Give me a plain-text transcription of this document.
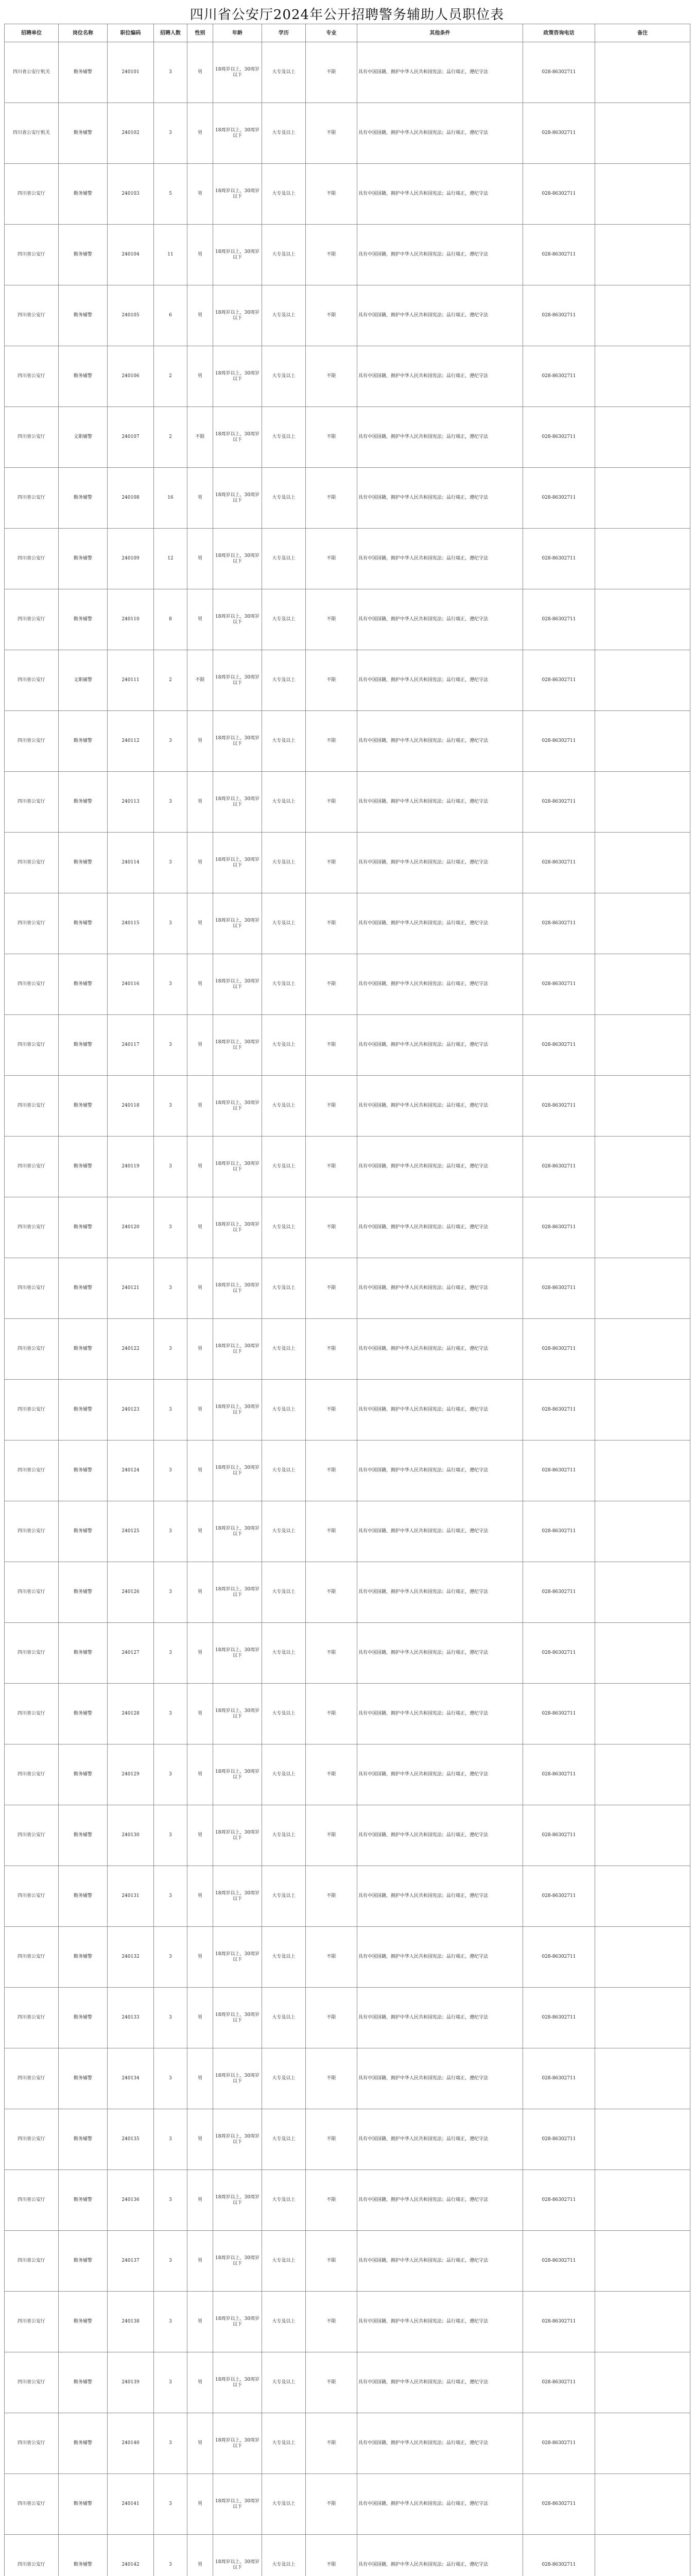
四川省公安厅2024年公开招聘警务辅助人员职位表
招聘单位	岗位名称	职位编码	招聘人数	性别	年龄	学历	专业	其他条件	政策咨询电话	备注
四川省公安厅机关	勤务辅警	240101	3	男	18周岁以上，30周岁以下	大专及以上	不限	具有中国国籍，拥护中华人民共和国宪法；品行端正，遵纪守法	028-86302711	
四川省公安厅机关	勤务辅警	240102	3	男	18周岁以上，30周岁以下	大专及以上	不限	具有中国国籍，拥护中华人民共和国宪法；品行端正，遵纪守法	028-86302711	
四川省公安厅	勤务辅警	240103	5	男	18周岁以上，30周岁以下	大专及以上	不限	具有中国国籍，拥护中华人民共和国宪法；品行端正，遵纪守法	028-86302711	
四川省公安厅	勤务辅警	240104	11	男	18周岁以上，30周岁以下	大专及以上	不限	具有中国国籍，拥护中华人民共和国宪法；品行端正，遵纪守法	028-86302711	
四川省公安厅	勤务辅警	240105	6	男	18周岁以上，30周岁以下	大专及以上	不限	具有中国国籍，拥护中华人民共和国宪法；品行端正，遵纪守法	028-86302711	
四川省公安厅	勤务辅警	240106	2	男	18周岁以上，30周岁以下	大专及以上	不限	具有中国国籍，拥护中华人民共和国宪法；品行端正，遵纪守法	028-86302711	
四川省公安厅	文职辅警	240107	2	不限	18周岁以上，30周岁以下	大专及以上	不限	具有中国国籍，拥护中华人民共和国宪法；品行端正，遵纪守法	028-86302711	
四川省公安厅	勤务辅警	240108	16	男	18周岁以上，30周岁以下	大专及以上	不限	具有中国国籍，拥护中华人民共和国宪法；品行端正，遵纪守法	028-86302711	
四川省公安厅	勤务辅警	240109	12	男	18周岁以上，30周岁以下	大专及以上	不限	具有中国国籍，拥护中华人民共和国宪法；品行端正，遵纪守法	028-86302711	
四川省公安厅	勤务辅警	240110	8	男	18周岁以上，30周岁以下	大专及以上	不限	具有中国国籍，拥护中华人民共和国宪法；品行端正，遵纪守法	028-86302711	
四川省公安厅	文职辅警	240111	2	不限	18周岁以上，30周岁以下	大专及以上	不限	具有中国国籍，拥护中华人民共和国宪法；品行端正，遵纪守法	028-86302711	
四川省公安厅	勤务辅警	240112	3	男	18周岁以上，30周岁以下	大专及以上	不限	具有中国国籍，拥护中华人民共和国宪法；品行端正，遵纪守法	028-86302711	
四川省公安厅	勤务辅警	240113	3	男	18周岁以上，30周岁以下	大专及以上	不限	具有中国国籍，拥护中华人民共和国宪法；品行端正，遵纪守法	028-86302711	
四川省公安厅	勤务辅警	240114	3	男	18周岁以上，30周岁以下	大专及以上	不限	具有中国国籍，拥护中华人民共和国宪法；品行端正，遵纪守法	028-86302711	
四川省公安厅	勤务辅警	240115	3	男	18周岁以上，30周岁以下	大专及以上	不限	具有中国国籍，拥护中华人民共和国宪法；品行端正，遵纪守法	028-86302711	
四川省公安厅	勤务辅警	240116	3	男	18周岁以上，30周岁以下	大专及以上	不限	具有中国国籍，拥护中华人民共和国宪法；品行端正，遵纪守法	028-86302711	
四川省公安厅	勤务辅警	240117	3	男	18周岁以上，30周岁以下	大专及以上	不限	具有中国国籍，拥护中华人民共和国宪法；品行端正，遵纪守法	028-86302711	
四川省公安厅	勤务辅警	240118	3	男	18周岁以上，30周岁以下	大专及以上	不限	具有中国国籍，拥护中华人民共和国宪法；品行端正，遵纪守法	028-86302711	
四川省公安厅	勤务辅警	240119	3	男	18周岁以上，30周岁以下	大专及以上	不限	具有中国国籍，拥护中华人民共和国宪法；品行端正，遵纪守法	028-86302711	
四川省公安厅	勤务辅警	240120	3	男	18周岁以上，30周岁以下	大专及以上	不限	具有中国国籍，拥护中华人民共和国宪法；品行端正，遵纪守法	028-86302711	
四川省公安厅	勤务辅警	240121	3	男	18周岁以上，30周岁以下	大专及以上	不限	具有中国国籍，拥护中华人民共和国宪法；品行端正，遵纪守法	028-86302711	
四川省公安厅	勤务辅警	240122	3	男	18周岁以上，30周岁以下	大专及以上	不限	具有中国国籍，拥护中华人民共和国宪法；品行端正，遵纪守法	028-86302711	
四川省公安厅	勤务辅警	240123	3	男	18周岁以上，30周岁以下	大专及以上	不限	具有中国国籍，拥护中华人民共和国宪法；品行端正，遵纪守法	028-86302711	
四川省公安厅	勤务辅警	240124	3	男	18周岁以上，30周岁以下	大专及以上	不限	具有中国国籍，拥护中华人民共和国宪法；品行端正，遵纪守法	028-86302711	
四川省公安厅	勤务辅警	240125	3	男	18周岁以上，30周岁以下	大专及以上	不限	具有中国国籍，拥护中华人民共和国宪法；品行端正，遵纪守法	028-86302711	
四川省公安厅	勤务辅警	240126	3	男	18周岁以上，30周岁以下	大专及以上	不限	具有中国国籍，拥护中华人民共和国宪法；品行端正，遵纪守法	028-86302711	
四川省公安厅	勤务辅警	240127	3	男	18周岁以上，30周岁以下	大专及以上	不限	具有中国国籍，拥护中华人民共和国宪法；品行端正，遵纪守法	028-86302711	
四川省公安厅	勤务辅警	240128	3	男	18周岁以上，30周岁以下	大专及以上	不限	具有中国国籍，拥护中华人民共和国宪法；品行端正，遵纪守法	028-86302711	
四川省公安厅	勤务辅警	240129	3	男	18周岁以上，30周岁以下	大专及以上	不限	具有中国国籍，拥护中华人民共和国宪法；品行端正，遵纪守法	028-86302711	
四川省公安厅	勤务辅警	240130	3	男	18周岁以上，30周岁以下	大专及以上	不限	具有中国国籍，拥护中华人民共和国宪法；品行端正，遵纪守法	028-86302711	
四川省公安厅	勤务辅警	240131	3	男	18周岁以上，30周岁以下	大专及以上	不限	具有中国国籍，拥护中华人民共和国宪法；品行端正，遵纪守法	028-86302711	
四川省公安厅	勤务辅警	240132	3	男	18周岁以上，30周岁以下	大专及以上	不限	具有中国国籍，拥护中华人民共和国宪法；品行端正，遵纪守法	028-86302711	
四川省公安厅	勤务辅警	240133	3	男	18周岁以上，30周岁以下	大专及以上	不限	具有中国国籍，拥护中华人民共和国宪法；品行端正，遵纪守法	028-86302711	
四川省公安厅	勤务辅警	240134	3	男	18周岁以上，30周岁以下	大专及以上	不限	具有中国国籍，拥护中华人民共和国宪法；品行端正，遵纪守法	028-86302711	
四川省公安厅	勤务辅警	240135	3	男	18周岁以上，30周岁以下	大专及以上	不限	具有中国国籍，拥护中华人民共和国宪法；品行端正，遵纪守法	028-86302711	
四川省公安厅	勤务辅警	240136	3	男	18周岁以上，30周岁以下	大专及以上	不限	具有中国国籍，拥护中华人民共和国宪法；品行端正，遵纪守法	028-86302711	
四川省公安厅	勤务辅警	240137	3	男	18周岁以上，30周岁以下	大专及以上	不限	具有中国国籍，拥护中华人民共和国宪法；品行端正，遵纪守法	028-86302711	
四川省公安厅	勤务辅警	240138	3	男	18周岁以上，30周岁以下	大专及以上	不限	具有中国国籍，拥护中华人民共和国宪法；品行端正，遵纪守法	028-86302711	
四川省公安厅	勤务辅警	240139	3	男	18周岁以上，30周岁以下	大专及以上	不限	具有中国国籍，拥护中华人民共和国宪法；品行端正，遵纪守法	028-86302711	
四川省公安厅	勤务辅警	240140	3	男	18周岁以上，30周岁以下	大专及以上	不限	具有中国国籍，拥护中华人民共和国宪法；品行端正，遵纪守法	028-86302711	
四川省公安厅	勤务辅警	240141	3	男	18周岁以上，30周岁以下	大专及以上	不限	具有中国国籍，拥护中华人民共和国宪法；品行端正，遵纪守法	028-86302711	
四川省公安厅	勤务辅警	240142	3	男	18周岁以上，30周岁以下	大专及以上	不限	具有中国国籍，拥护中华人民共和国宪法；品行端正，遵纪守法	028-86302711	
